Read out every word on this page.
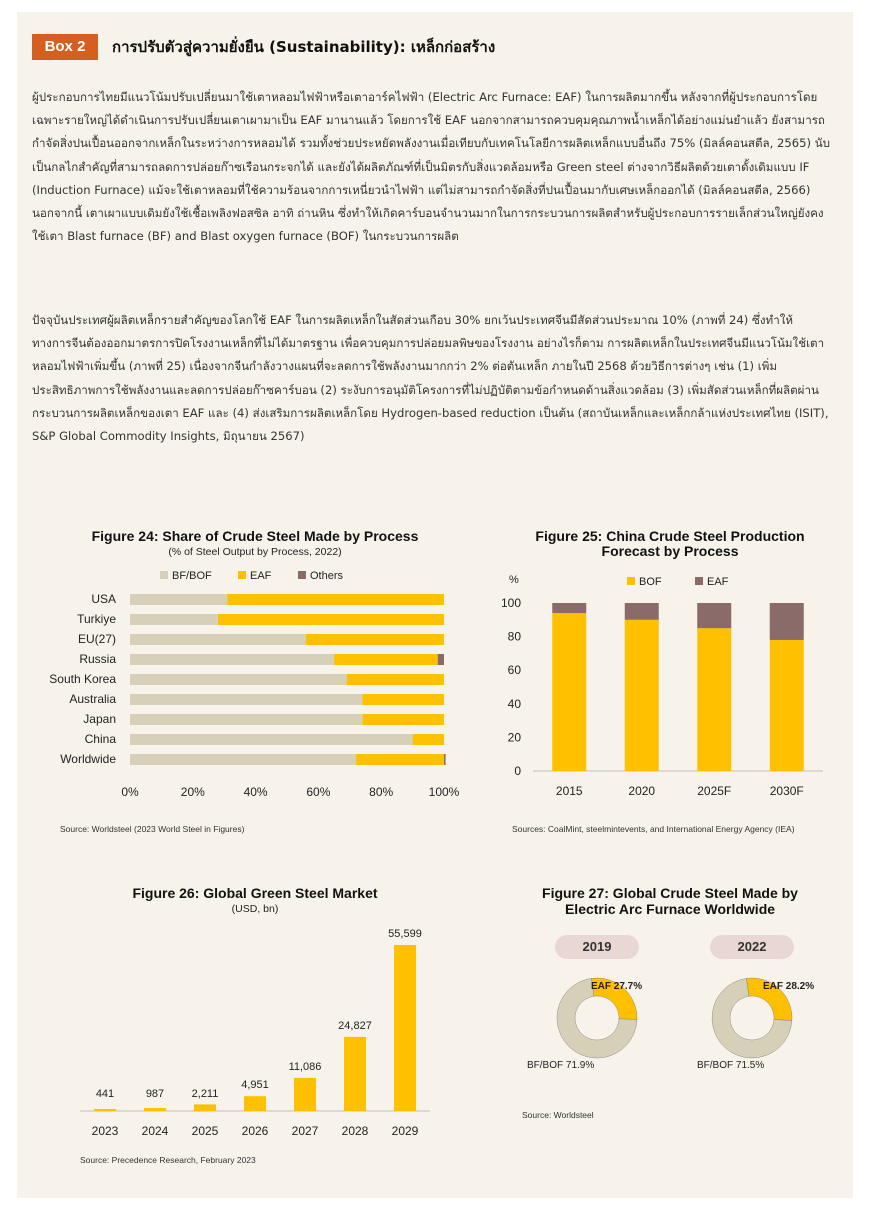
Box 2	การปรับตัวสู่ความยั่งยืน (Sustainability): เหล็กก่อสร้าง

ผู้ประกอบการไทยมีแนวโน้มปรับเปลี่ยนมาใช้เตาหลอมไฟฟ้าหรือเตาอาร์คไฟฟ้า (Electric Arc Furnace: EAF) ในการผลิตมากขึ้น หลังจากที่ผู้ประกอบการโดยเฉพาะรายใหญ่ได้ดำเนินการปรับเปลี่ยนเตาเผามาเป็น EAF มานานแล้ว โดยการใช้ EAF นอกจากสามารถควบคุมคุณภาพน้ำเหล็กได้อย่างแม่นยำแล้ว ยังสามารถกำจัดสิ่งปนเปื้อนออกจากเหล็กในระหว่างการหลอมได้ รวมทั้งช่วยประหยัดพลังงานเมื่อเทียบกับเทคโนโลยีการผลิตเหล็กแบบอื่นถึง 75% (มิลล์คอนสตีล, 2565) นับเป็นกลไกสำคัญที่สามารถลดการปล่อยก๊าซเรือนกระจกได้ และยังได้ผลิตภัณฑ์ที่เป็นมิตรกับสิ่งแวดล้อมหรือ Green steel ต่างจากวิธีผลิตด้วยเตาดั้งเดิมแบบ IF (Induction Furnace) แม้จะใช้เตาหลอมที่ใช้ความร้อนจากการเหนี่ยวนำไฟฟ้า แต่ไม่สามารถกำจัดสิ่งที่ปนเปื้อนมากับเศษเหล็กออกได้ (มิลล์คอนสตีล, 2566) นอกจากนี้ เตาเผาแบบเดิมยังใช้เชื้อเพลิงฟอสซิล อาทิ ถ่านหิน ซึ่งทำให้เกิดคาร์บอนจำนวนมากในการกระบวนการผลิตสำหรับผู้ประกอบการรายเล็กส่วนใหญ่ยังคงใช้เตา Blast furnace (BF) and Blast oxygen furnace (BOF) ในกระบวนการผลิต

ปัจจุบันประเทศผู้ผลิตเหล็กรายสำคัญของโลกใช้ EAF ในการผลิตเหล็กในสัดส่วนเกือบ 30% ยกเว้นประเทศจีนมีสัดส่วนประมาณ 10% (ภาพที่ 24) ซึ่งทำให้ทางการจีนต้องออกมาตรการปิดโรงงานเหล็กที่ไม่ได้มาตรฐาน เพื่อควบคุมการปล่อยมลพิษของโรงงาน อย่างไรก็ตาม การผลิตเหล็กในประเทศจีนมีแนวโน้มใช้เตาหลอมไฟฟ้าเพิ่มขึ้น (ภาพที่ 25) เนื่องจากจีนกำลังวางแผนที่จะลดการใช้พลังงานมากกว่า 2% ต่อตันเหล็ก ภายในปี 2568 ด้วยวิธีการต่างๆ เช่น (1) เพิ่มประสิทธิภาพการใช้พลังงานและลดการปล่อยก๊าซคาร์บอน (2) ระงับการอนุมัติโครงการที่ไม่ปฏิบัติตามข้อกำหนดด้านสิ่งแวดล้อม (3) เพิ่มสัดส่วนเหล็กที่ผลิตผ่านกระบวนการผลิตเหล็กของเตา EAF และ (4) ส่งเสริมการผลิตเหล็กโดย Hydrogen-based reduction เป็นต้น (สถาบันเหล็กและเหล็กกล้าแห่งประเทศไทย (ISIT), S&P Global Commodity Insights, มิถุนายน 2567)

Figure 24: Share of Crude Steel Made by Process
(% of Steel Output by Process, 2022)
BF/BOF	EAF	Others
USA
Turkiye
EU(27)
Russia
South Korea
Australia
Japan
China
Worldwide
0%	20%	40%	60%	80%	100%
Source: Worldsteel (2023 World Steel in Figures)
Figure 25: China Crude Steel Production
Forecast by Process
%	BOF	EAF
0
20
40
60
80
100
2015	2020	2025F	2030F
Sources: CoalMint, steelmintevents, and International Energy Agency (IEA)
Figure 26: Global Green Steel Market
(USD, bn)
441
2023
987
2024
2,211
2025
4,951
2026
11,086
2027
24,827
2028
55,599
2029
Source: Precedence Research, February 2023
Figure 27: Global Crude Steel Made by
Electric Arc Furnace Worldwide
2019	2022
EAF 27.7%
BF/BOF 71.9%
EAF 28.2%
BF/BOF 71.5%
Source: Worldsteel
